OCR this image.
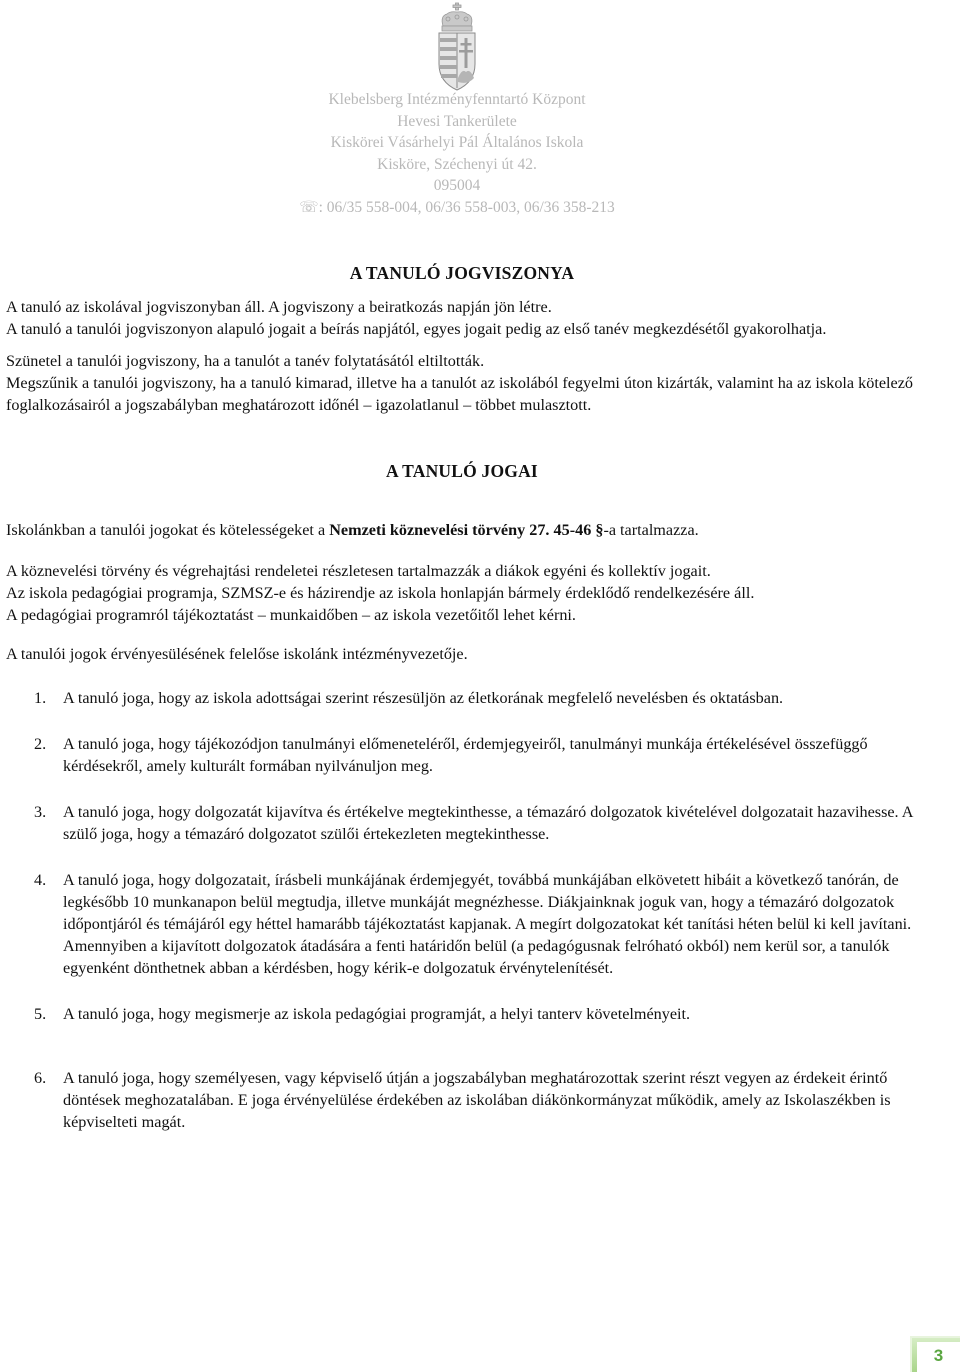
Klebelsberg Intézményfenntartó Központ
Hevesi Tankerülete
Kiskörei Vásárhelyi Pál Általános Iskola
Kisköre, Széchenyi út 42.
095004
☏: 06/35 558-004, 06/36 558-003, 06/36 358-213
A TANULÓ JOGVISZONYA

A tanuló az iskolával jogviszonyban áll. A jogviszony a beiratkozás napján jön létre.

A tanuló a tanulói jogviszonyon alapuló jogait a beírás napjától, egyes jogait pedig az első tanév megkezdésétől gyakorolhatja.

Szünetel a tanulói jogviszony, ha a tanulót a tanév folytatásától eltiltották.

Megszűnik a tanulói jogviszony, ha a tanuló kimarad, illetve ha a tanulót az iskolából fegyelmi úton kizárták, valamint ha az iskola kötelező foglalkozásairól a jogszabályban meghatározott időnél – igazolatlanul – többet mulasztott.

A TANULÓ JOGAI

Iskolánkban a tanulói jogokat és kötelességeket a Nemzeti köznevelési törvény 27. 45-46 §-a tartalmazza.

A köznevelési törvény és végrehajtási rendeletei részletesen tartalmazzák a diákok egyéni és kollektív jogait.

Az iskola pedagógiai programja, SZMSZ-e és házirendje az iskola honlapján bármely érdeklődő rendelkezésére áll.

A pedagógiai programról tájékoztatást – munkaidőben – az iskola vezetőitől lehet kérni.

A tanulói jogok érvényesülésének felelőse iskolánk intézményvezetője.

1. A tanuló joga, hogy az iskola adottságai szerint részesüljön az életkorának megfelelő nevelésben és oktatásban.
2. A tanuló joga, hogy tájékozódjon tanulmányi előmeneteléről, érdemjegyeiről, tanulmányi munkája értékelésével összefüggő kérdésekről, amely kulturált formában nyilvánuljon meg.
3. A tanuló joga, hogy dolgozatát kijavítva és értékelve megtekinthesse, a témazáró dolgozatok kivételével dolgozatait hazavihesse. A szülő joga, hogy a témazáró dolgozatot szülői értekezleten megtekinthesse.
4. A tanuló joga, hogy dolgozatait, írásbeli munkájának érdemjegyét, továbbá munkájában elkövetett hibáit a következő tanórán, de legkésőbb 10 munkanapon belül megtudja, illetve munkáját megnézhesse. Diákjainknak joguk van, hogy a témazáró dolgozatok időpontjáról és témájáról egy héttel hamarább tájékoztatást kapjanak. A megírt dolgozatokat két tanítási héten belül ki kell javítani. Amennyiben a kijavított dolgozatok átadására a fenti határidőn belül (a pedagógusnak felróható okból) nem kerül sor, a tanulók egyenként dönthetnek abban a kérdésben, hogy kérik-e dolgozatuk érvénytelenítését.
5. A tanuló joga, hogy megismerje az iskola pedagógiai programját, a helyi tanterv követelményeit.
6. A tanuló joga, hogy személyesen, vagy képviselő útján a jogszabályban meghatározottak szerint részt vegyen az érdekeit érintő döntések meghozatalában. E joga érvényelülése érdekében az iskolában diákönkormányzat működik, amely az Iskolaszékben is képviselteti magát.
3
